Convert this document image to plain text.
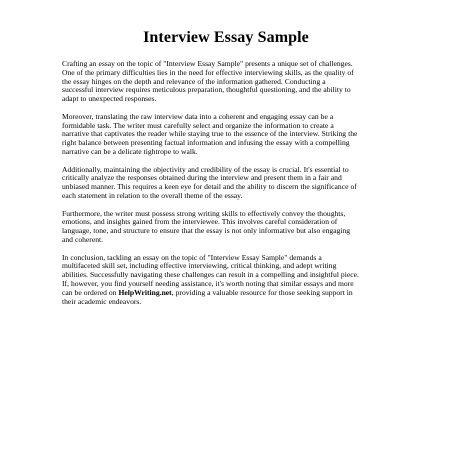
Interview Essay Sample

Crafting an essay on the topic of "Interview Essay Sample" presents a unique set of challenges.
One of the primary difficulties lies in the need for effective interviewing skills, as the quality of
the essay hinges on the depth and relevance of the information gathered. Conducting a
successful interview requires meticulous preparation, thoughtful questioning, and the ability to
adapt to unexpected responses.

Moreover, translating the raw interview data into a coherent and engaging essay can be a
formidable task. The writer must carefully select and organize the information to create a
narrative that captivates the reader while staying true to the essence of the interview. Striking the
right balance between presenting factual information and infusing the essay with a compelling
narrative can be a delicate tightrope to walk.

Additionally, maintaining the objectivity and credibility of the essay is crucial. It's essential to
critically analyze the responses obtained during the interview and present them in a fair and
unbiased manner. This requires a keen eye for detail and the ability to discern the significance of
each statement in relation to the overall theme of the essay.

Furthermore, the writer must possess strong writing skills to effectively convey the thoughts,
emotions, and insights gained from the interviewee. This involves careful consideration of
language, tone, and structure to ensure that the essay is not only informative but also engaging
and coherent.

In conclusion, tackling an essay on the topic of "Interview Essay Sample" demands a
multifaceted skill set, including effective interviewing, critical thinking, and adept writing
abilities. Successfully navigating these challenges can result in a compelling and insightful piece.
If, however, you find yourself needing assistance, it's worth noting that similar essays and more
can be ordered on HelpWriting.net, providing a valuable resource for those seeking support in
their academic endeavors.
